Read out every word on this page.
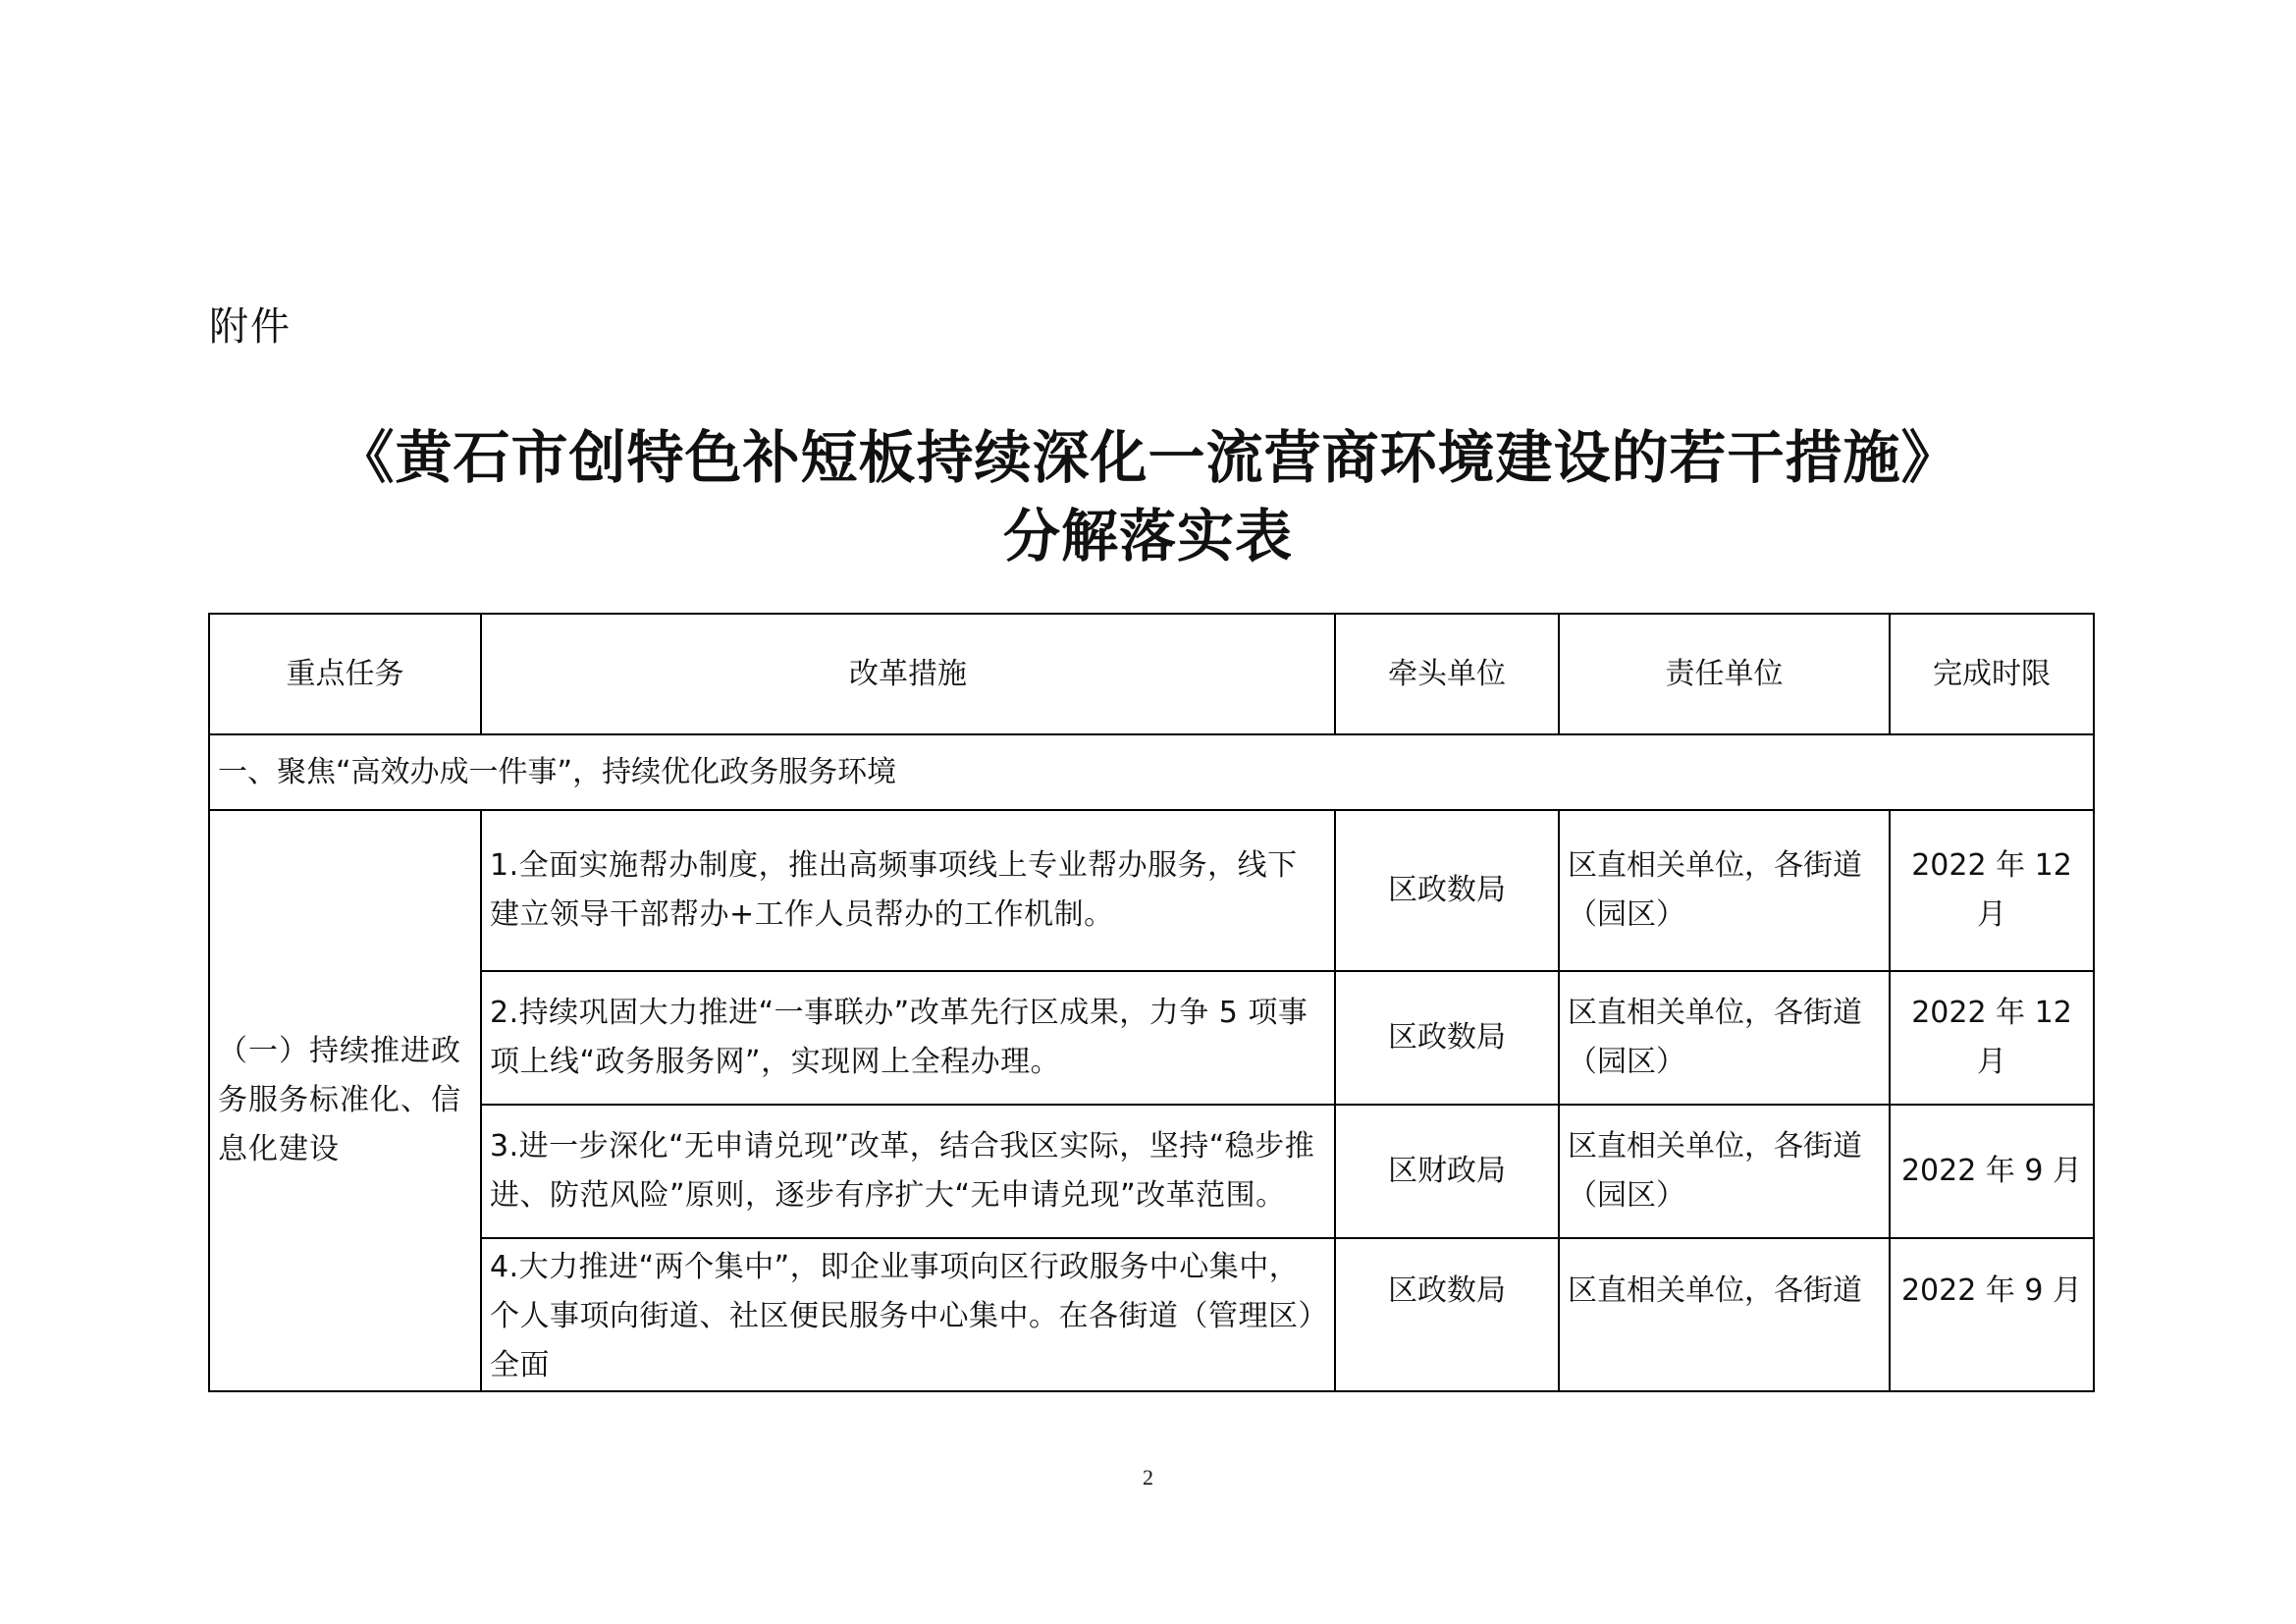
附件
《黄石市创特色补短板持续深化一流营商环境建设的若干措施》
分解落实表
重点任务	改革措施	牵头单位	责任单位	完成时限
一、聚焦“高效办成一件事”，持续优化政务服务环境				
（一）持续推进政务服务标准化、信息化建设	1.全面实施帮办制度，推出高频事项线上专业帮办服务，线下建立领导干部帮办+工作人员帮办的工作机制。	区政数局	区直相关单位，各街道（园区）	2022 年 12 月
	2.持续巩固大力推进“一事联办”改革先行区成果，力争 5 项事项上线“政务服务网”，实现网上全程办理。	区政数局	区直相关单位，各街道（园区）	2022 年 12 月
	3.进一步深化“无申请兑现”改革，结合我区实际，坚持“稳步推进、防范风险”原则，逐步有序扩大“无申请兑现”改革范围。	区财政局	区直相关单位，各街道（园区）	2022 年 9 月
	4.大力推进“两个集中”，即企业事项向区行政服务中心集中，个人事项向街道、社区便民服务中心集中。在各街道（管理区）全面	区政数局	区直相关单位，各街道	2022 年 9 月
2
